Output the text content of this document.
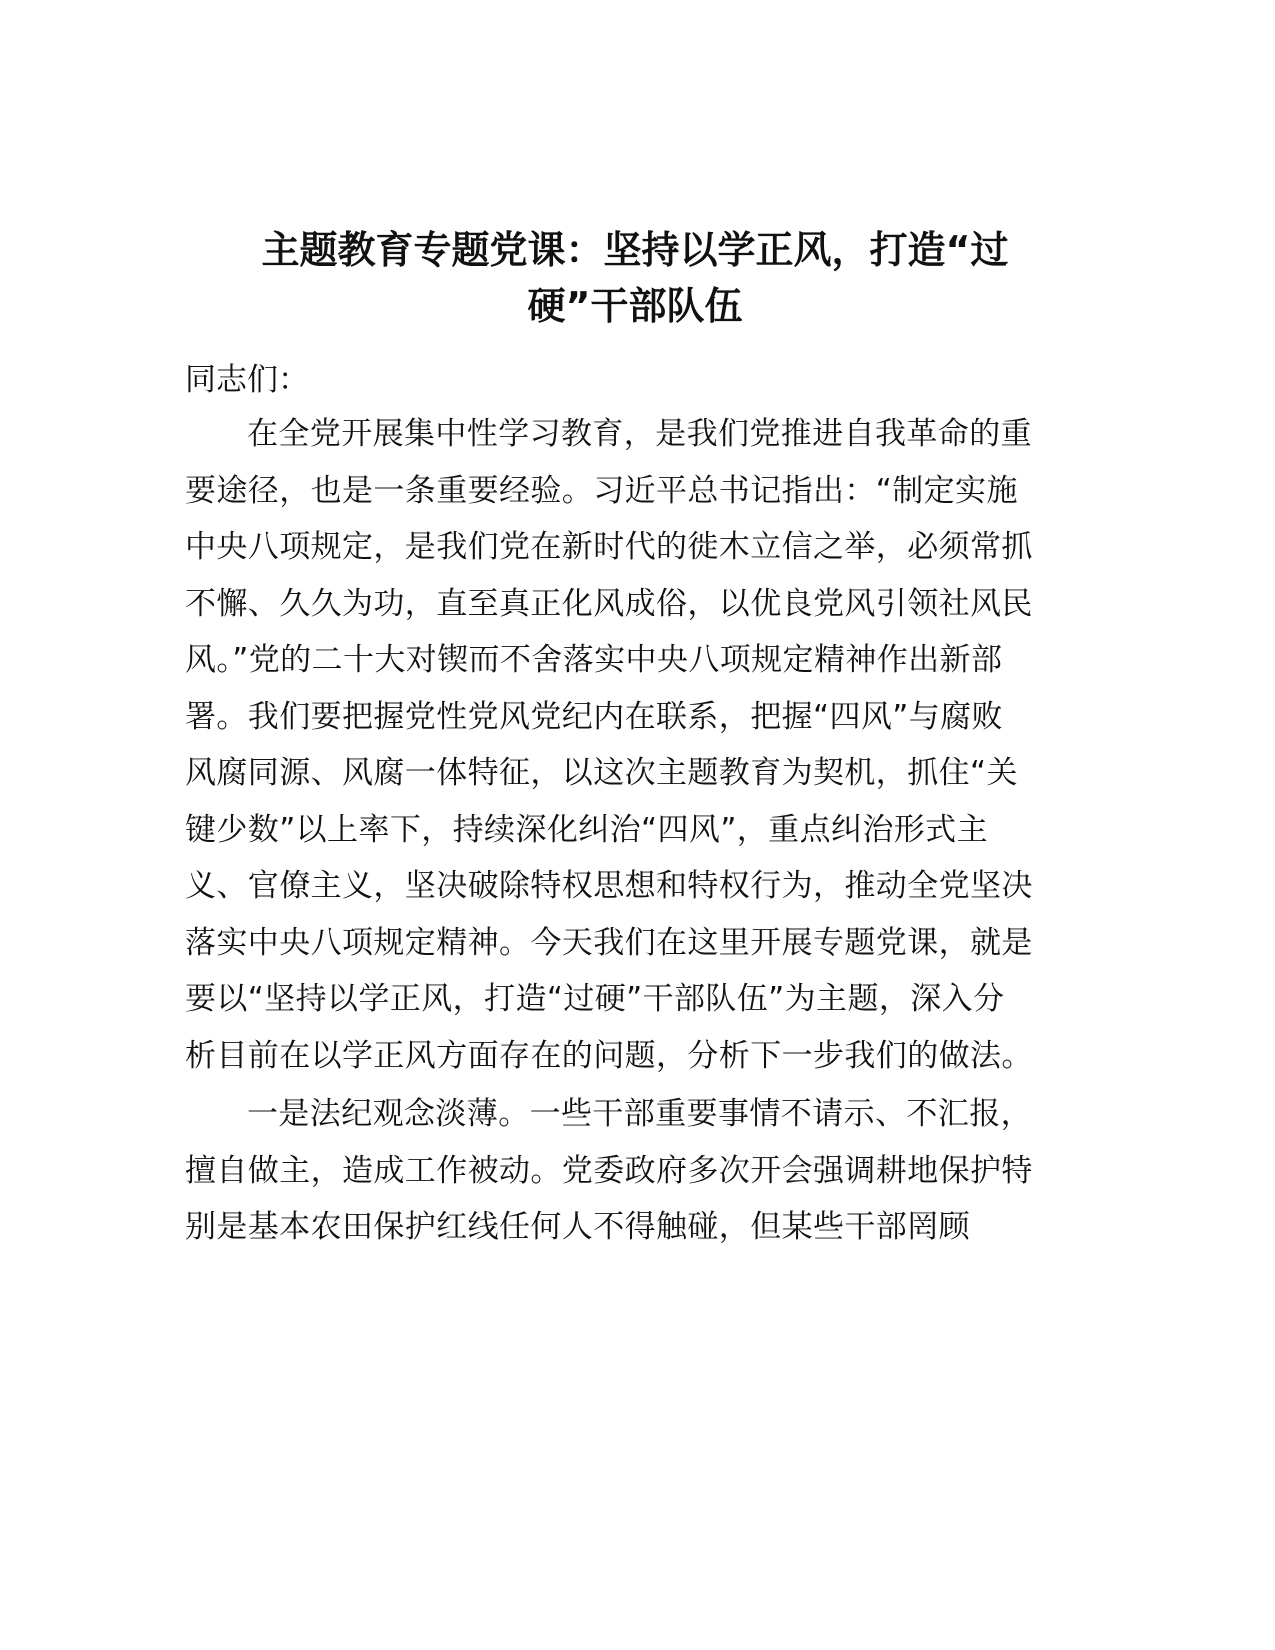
主题教育专题党课：坚持以学正风，打造“过
硬”干部队伍

同志们：

在全党开展集中性学习教育，是我们党推进自我革命的重
要途径，也是一条重要经验。习近平总书记指出：“制定实施
中央八项规定，是我们党在新时代的徙木立信之举，必须常抓
不懈、久久为功，直至真正化风成俗，以优良党风引领社风民
风。”党的二十大对锲而不舍落实中央八项规定精神作出新部
署。我们要把握党性党风党纪内在联系，把握“四风”与腐败
风腐同源、风腐一体特征，以这次主题教育为契机，抓住“关
键少数”以上率下，持续深化纠治“四风”，重点纠治形式主
义、官僚主义，坚决破除特权思想和特权行为，推动全党坚决
落实中央八项规定精神。今天我们在这里开展专题党课，就是
要以“坚持以学正风，打造“过硬”干部队伍”为主题，深入分
析目前在以学正风方面存在的问题，分析下一步我们的做法。
一是法纪观念淡薄。一些干部重要事情不请示、不汇报，
擅自做主，造成工作被动。党委政府多次开会强调耕地保护特
别是基本农田保护红线任何人不得触碰，但某些干部罔顾
